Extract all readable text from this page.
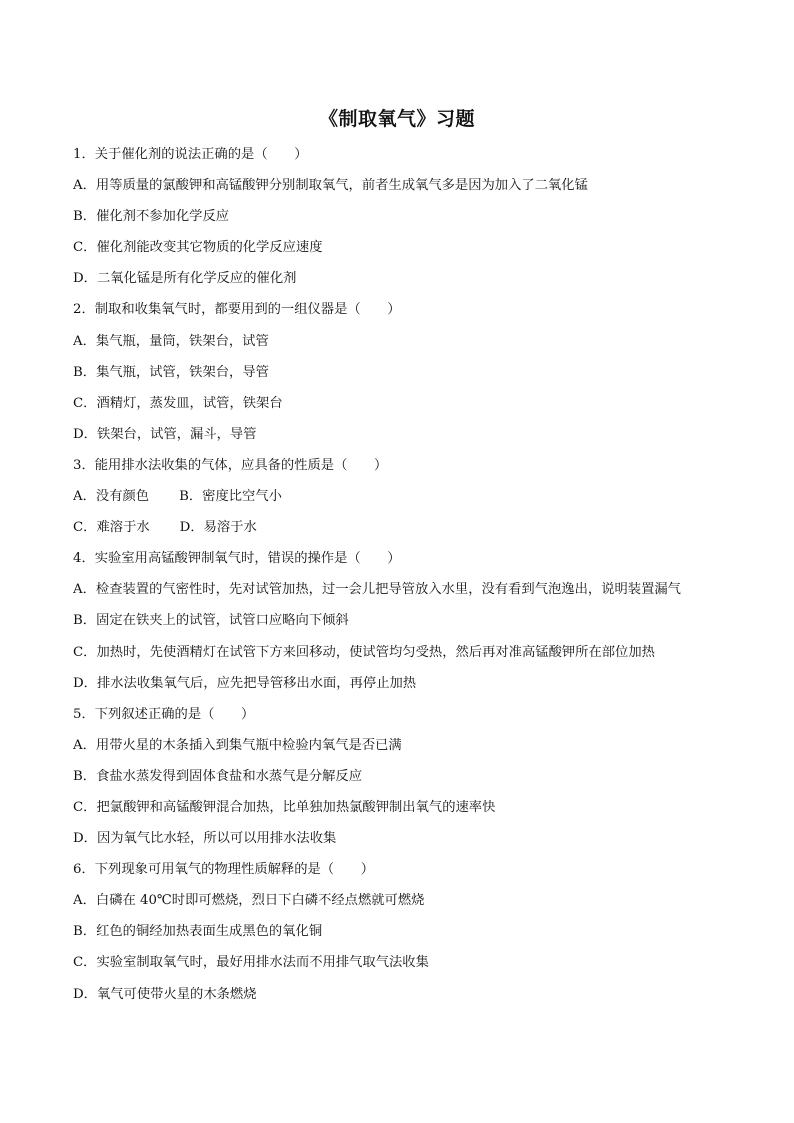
《制取氧气》习题
1．关于催化剂的说法正确的是（　　）
A．用等质量的氯酸钾和高锰酸钾分别制取氧气，前者生成氧气多是因为加入了二氧化锰
B．催化剂不参加化学反应
C．催化剂能改变其它物质的化学反应速度
D．二氧化锰是所有化学反应的催化剂
2．制取和收集氧气时，都要用到的一组仪器是（　　）
A．集气瓶，量筒，铁架台，试管
B．集气瓶，试管，铁架台，导管
C．酒精灯，蒸发皿，试管，铁架台
D．铁架台，试管，漏斗，导管
3．能用排水法收集的气体，应具备的性质是（　　）
A．没有颜色 B．密度比空气小
C．难溶于水 D．易溶于水
4．实验室用高锰酸钾制氧气时，错误的操作是（　　）
A．检查装置的气密性时，先对试管加热，过一会儿把导管放入水里，没有看到气泡逸出，说明装置漏气
B．固定在铁夹上的试管，试管口应略向下倾斜
C．加热时，先使酒精灯在试管下方来回移动，使试管均匀受热，然后再对准高锰酸钾所在部位加热
D．排水法收集氧气后，应先把导管移出水面，再停止加热
5．下列叙述正确的是（　　）
A．用带火星的木条插入到集气瓶中检验内氧气是否已满
B．食盐水蒸发得到固体食盐和水蒸气是分解反应
C．把氯酸钾和高锰酸钾混合加热，比单独加热氯酸钾制出氧气的速率快
D．因为氧气比水轻，所以可以用排水法收集
6．下列现象可用氧气的物理性质解释的是（　　）
A．白磷在 40℃时即可燃烧，烈日下白磷不经点燃就可燃烧
B．红色的铜经加热表面生成黑色的氧化铜
C．实验室制取氧气时，最好用排水法而不用排气取气法收集
D．氧气可使带火星的木条燃烧
